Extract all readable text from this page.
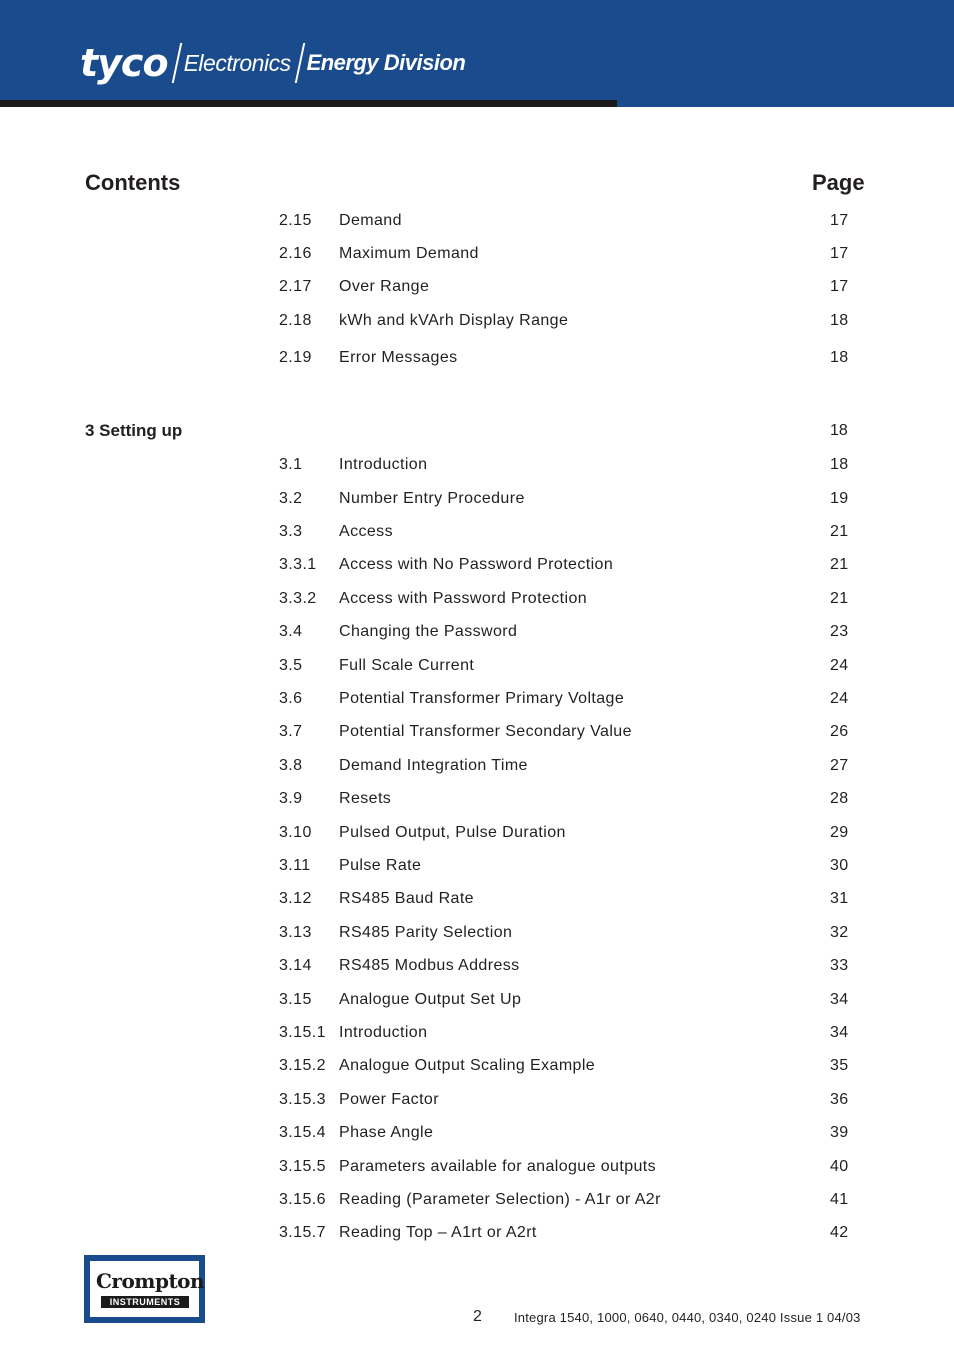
tyco Electronics Energy Division
Contents	Page
2.15 Demand	17
2.16 Maximum Demand	17
2.17 Over Range	17
2.18 kWh and kVArh Display Range	18
2.19 Error Messages	18
3 Setting up	18
3.1 Introduction	18
3.2 Number Entry Procedure	19
3.3 Access	21
3.3.1 Access with No Password Protection	21
3.3.2 Access with Password Protection	21
3.4 Changing the Password	23
3.5 Full Scale Current	24
3.6 Potential Transformer Primary Voltage	24
3.7 Potential Transformer Secondary Value	26
3.8 Demand Integration Time	27
3.9 Resets	28
3.10 Pulsed Output, Pulse Duration	29
3.11 Pulse Rate	30
3.12 RS485 Baud Rate	31
3.13 RS485 Parity Selection	32
3.14 RS485 Modbus Address	33
3.15 Analogue Output Set Up	34
3.15.1 Introduction	34
3.15.2 Analogue Output Scaling Example	35
3.15.3 Power Factor	36
3.15.4 Phase Angle	39
3.15.5 Parameters available for analogue outputs	40
3.15.6 Reading (Parameter Selection) - A1r or A2r	41
3.15.7 Reading Top – A1rt or A2rt	42
Crompton
INSTRUMENTS
2 Integra 1540, 1000, 0640, 0440, 0340, 0240 Issue 1 04/03
